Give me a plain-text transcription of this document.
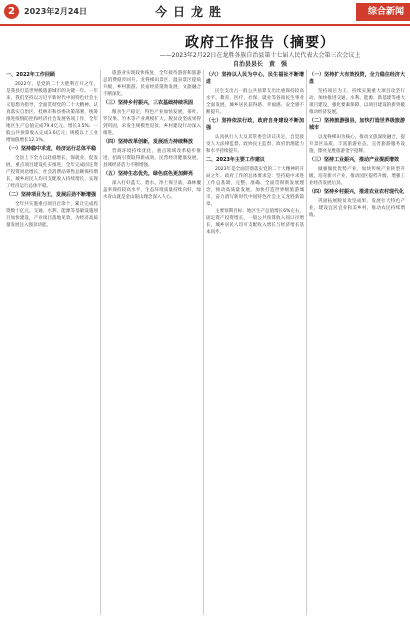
2	2023年2月24日	今日龙胜	综合新闻
政府工作报告（摘要）
——2023年2月22日在龙胜各族自治县第十七届人民代表大会第三次会议上
自治县县长　黄　强
一、2022年工作回顾

2022年，是党的二十大胜利召开之年，是我县打造世界级旅游城市的关键一年。一年来，我们坚持以习近平新时代中国特色社会主义思想为指导，全面贯彻党的二十大精神，认真落实自治区、桂林市和县委决策部署，统筹推进疫情防控和经济社会发展各项工作，全年地区生产总值完成79.4亿元，增长3.5%；一般公共预算收入完成3.6亿元；规模以上工业增加值增长12.1%。

（一）坚持稳中求进，经济运行总体平稳

全县上下全力以赴稳增长、保就业、促发展，重点项目建设扎实推进，全年完成固定资产投资同比增长，社会消费品零售总额保持增长，城乡居民人均可支配收入持续增长，实现了经济运行总体平稳。

（二）坚持项目为王，发展后劲不断增强

全年共实施重点项目百余个，累计完成投资数十亿元。交通、水利、能源等基础设施项目加快建设，产业项目落地见效，为经济高质量发展注入强劲动能。

旅游业实现较快恢复，全年接待游客和旅游总消费稳步回升。龙脊梯田景区、温泉景区提质升级，乡村旅游、民宿经济蓬勃发展，文旅融合不断深化。

（三）坚持乡村振兴，三农基础持续巩固

粮食生产稳定，特色产业加快发展，茶叶、罗汉果、竹木等产业规模扩大。脱贫攻坚成果得到巩固，未发生规模性返贫，乡村建设行动深入推进。

（四）坚持改革创新，发展活力持续释放

营商环境持续优化，重点领域改革稳步推进，招商引资取得新成效，民营经济健康发展，县域经济活力不断增强。

（五）坚持生态优先，绿色底色更加鲜亮

深入打好蓝天、碧水、净土保卫战，森林覆盖率保持较高水平，生态环境质量持续向好，绿水青山就是金山银山理念深入人心。

（六）坚持以人民为中心，民生福祉不断增进

民生支出占一般公共预算支出比重保持较高水平。教育、医疗、社保、就业等各项民生事业全面发展，城乡居民获得感、幸福感、安全感不断提升。

（七）坚持依法行政，政府自身建设不断加强

认真执行人大及其常委会决议决定，自觉接受人大法律监督、政协民主监督，政府治理能力和水平持续提升。

二、2023年主要工作建议

2023年是全面贯彻落实党的二十大精神的开局之年。政府工作的总体要求是：坚持稳中求进工作总基调，完整、准确、全面贯彻新发展理念，推动高质量发展，加快打造世界级旅游城市，奋力谱写新时代中国特色社会主义龙胜新篇章。

主要预期目标：地区生产总值增长6%左右，固定资产投资增长，一般公共预算收入同口径增长，城乡居民人均可支配收入增长与经济增长基本同步。

（一）坚持扩大有效投资，全力稳住经济大盘

坚持项目为王，持续实施重大项目攻坚行动，加快推进交通、水利、能源、新基建等重大项目建设，强化要素保障，以项目建设的新突破推动经济发展。

（二）坚持旅游强县，加快打造世界级旅游城市

以龙脊梯田为核心，推动文旅深度融合，提升景区品质，丰富旅游业态，完善旅游服务设施，擦亮龙胜旅游金字招牌。

（三）坚持工业振兴，推动产业提质增效

做强做优优势产业，加快传统产业转型升级，培育新兴产业，推动园区提档升级，增强工业经济发展后劲。

（四）坚持乡村振兴，推进农业农村现代化

巩固拓展脱贫攻坚成果，发展壮大特色产业，建设宜居宜业和美乡村，推动农民持续增收。
